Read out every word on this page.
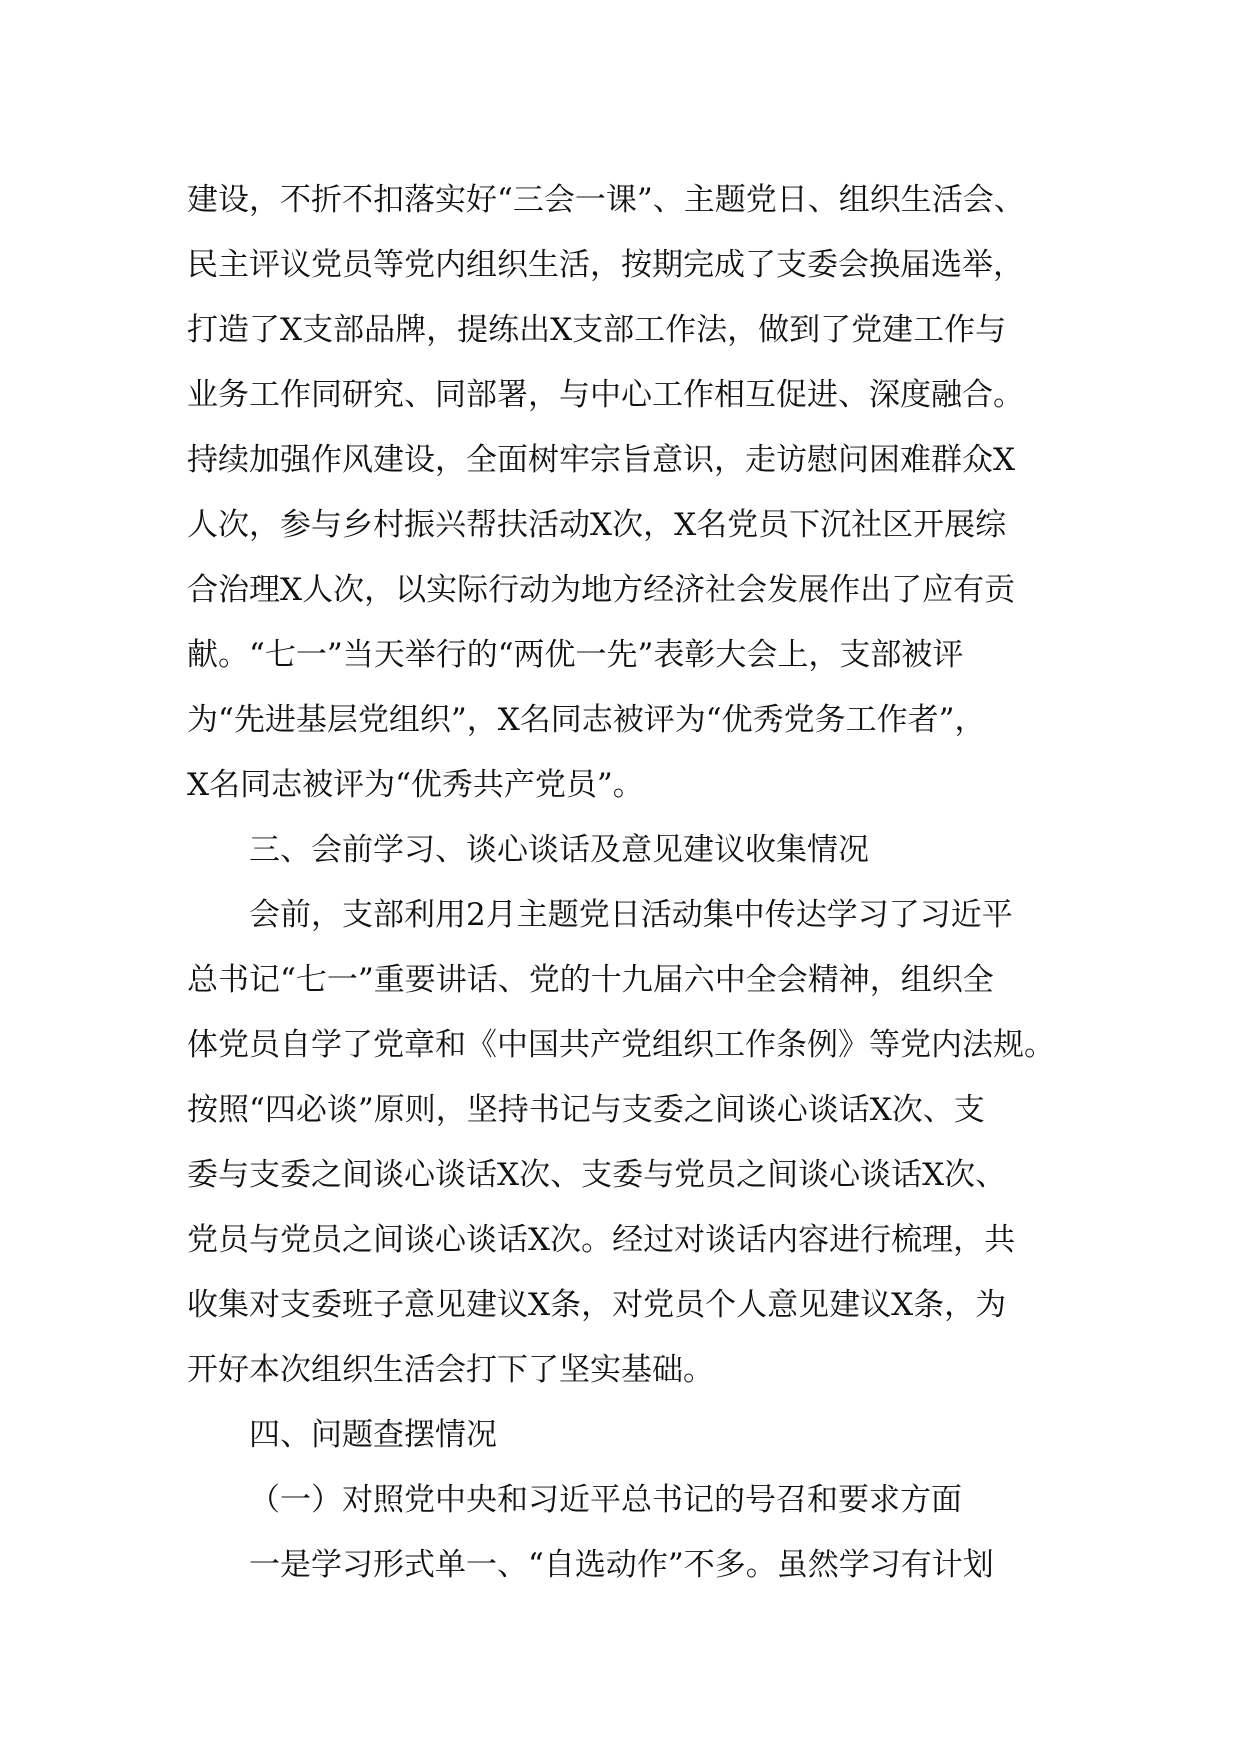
建设，不折不扣落实好“三会一课”、主题党日、组织生活会、
民主评议党员等党内组织生活，按期完成了支委会换届选举，
打造了X支部品牌，提练出X支部工作法，做到了党建工作与
业务工作同研究、同部署，与中心工作相互促进、深度融合。
持续加强作风建设，全面树牢宗旨意识，走访慰问困难群众X
人次，参与乡村振兴帮扶活动X次，X名党员下沉社区开展综
合治理X人次，以实际行动为地方经济社会发展作出了应有贡
献。“七一”当天举行的“两优一先”表彰大会上，支部被评
为“先进基层党组织”，X名同志被评为“优秀党务工作者”，
X名同志被评为“优秀共产党员”。
三、会前学习、谈心谈话及意见建议收集情况
会前，支部利用2月主题党日活动集中传达学习了习近平
总书记“七一”重要讲话、党的十九届六中全会精神，组织全
体党员自学了党章和《中国共产党组织工作条例》等党内法规。
按照“四必谈”原则，坚持书记与支委之间谈心谈话X次、支
委与支委之间谈心谈话X次、支委与党员之间谈心谈话X次、
党员与党员之间谈心谈话X次。经过对谈话内容进行梳理，共
收集对支委班子意见建议X条，对党员个人意见建议X条，为
开好本次组织生活会打下了坚实基础。
四、问题查摆情况
（一）对照党中央和习近平总书记的号召和要求方面
一是学习形式单一、“自选动作”不多。虽然学习有计划
